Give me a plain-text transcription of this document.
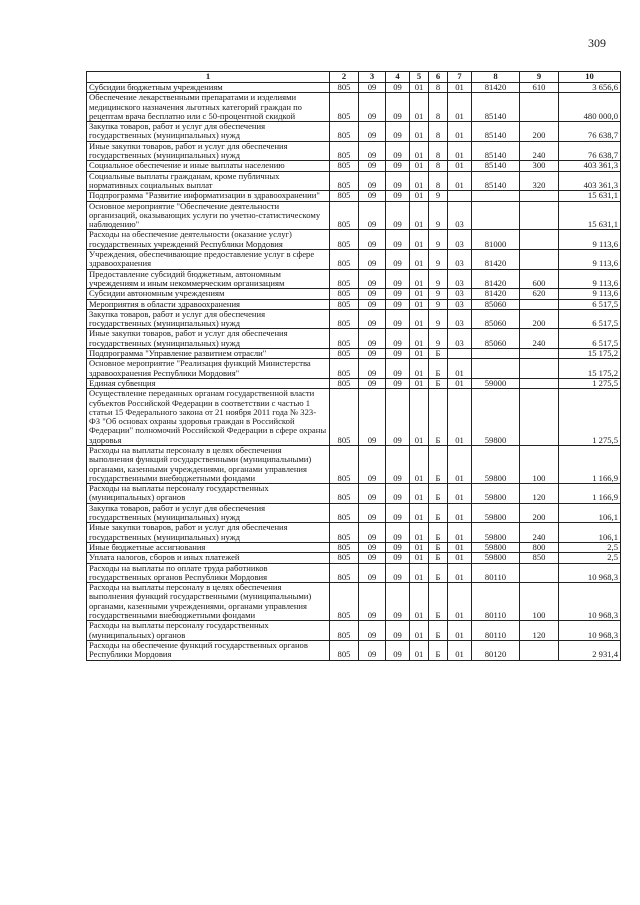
309
1	2	3	4	5	6	7	8	9	10
Субсидии бюджетным учреждениям	805	09	09	01	8	01	81420	610	3 656,6
Обеспечение лекарственными препаратами и изделиями медицинского назначения льготных категорий граждан по рецептам врача бесплатно или с 50-процентной скидкой	805	09	09	01	8	01	85140		480 000,0
Закупка товаров, работ и услуг для обеспечения государственных (муниципальных) нужд	805	09	09	01	8	01	85140	200	76 638,7
Иные закупки товаров, работ и услуг для обеспечения государственных (муниципальных) нужд	805	09	09	01	8	01	85140	240	76 638,7
Социальное обеспечение и иные выплаты населению	805	09	09	01	8	01	85140	300	403 361,3
Социальные выплаты гражданам, кроме публичных нормативных социальных выплат	805	09	09	01	8	01	85140	320	403 361,3
Подпрограмма "Развитие информатизации в здравоохранении"	805	09	09	01	9				15 631,1
Основное мероприятие "Обеспечение деятельности организаций, оказывающих услуги по учетно-статистическому наблюдению"	805	09	09	01	9	03			15 631,1
Расходы на обеспечение деятельности (оказание услуг) государственных учреждений Республики Мордовия	805	09	09	01	9	03	81000		9 113,6
Учреждения, обеспечивающие предоставление услуг в сфере здравоохранения	805	09	09	01	9	03	81420		9 113,6
Предоставление субсидий бюджетным, автономным учреждениям и иным некоммерческим организациям	805	09	09	01	9	03	81420	600	9 113,6
Субсидии автономным учреждениям	805	09	09	01	9	03	81420	620	9 113,6
Мероприятия в области здравоохранения	805	09	09	01	9	03	85060		6 517,5
Закупка товаров, работ и услуг для обеспечения государственных (муниципальных) нужд	805	09	09	01	9	03	85060	200	6 517,5
Иные закупки товаров, работ и услуг для обеспечения государственных (муниципальных) нужд	805	09	09	01	9	03	85060	240	6 517,5
Подпрограмма "Управление развитием отрасли"	805	09	09	01	Б				15 175,2
Основное мероприятие "Реализация функций Министерства здравоохранения Республики Мордовия"	805	09	09	01	Б	01			15 175,2
Единая субвенция	805	09	09	01	Б	01	59000		1 275,5
Осуществление переданных органам государственной власти субъектов Российской Федерации в соответствии с частью 1 статьи 15 Федерального закона от 21 ноября 2011 года № 323-ФЗ "Об основах охраны здоровья граждан в Российской Федерации" полномочий Российской Федерации в сфере охраны здоровья	805	09	09	01	Б	01	59800		1 275,5
Расходы на выплаты персоналу в целях обеспечения выполнения функций государственными (муниципальными) органами, казенными учреждениями, органами управления государственными внебюджетными фондами	805	09	09	01	Б	01	59800	100	1 166,9
Расходы на выплаты персоналу государственных (муниципальных) органов	805	09	09	01	Б	01	59800	120	1 166,9
Закупка товаров, работ и услуг для обеспечения государственных (муниципальных) нужд	805	09	09	01	Б	01	59800	200	106,1
Иные закупки товаров, работ и услуг для обеспечения государственных (муниципальных) нужд	805	09	09	01	Б	01	59800	240	106,1
Иные бюджетные ассигнования	805	09	09	01	Б	01	59800	800	2,5
Уплата налогов, сборов и иных платежей	805	09	09	01	Б	01	59800	850	2,5
Расходы на выплаты по оплате труда работников государственных органов Республики Мордовия	805	09	09	01	Б	01	80110		10 968,3
Расходы на выплаты персоналу в целях обеспечения выполнения функций государственными (муниципальными) органами, казенными учреждениями, органами управления государственными внебюджетными фондами	805	09	09	01	Б	01	80110	100	10 968,3
Расходы на выплаты персоналу государственных (муниципальных) органов	805	09	09	01	Б	01	80110	120	10 968,3
Расходы на обеспечение функций государственных органов Республики Мордовия	805	09	09	01	Б	01	80120		2 931,4
